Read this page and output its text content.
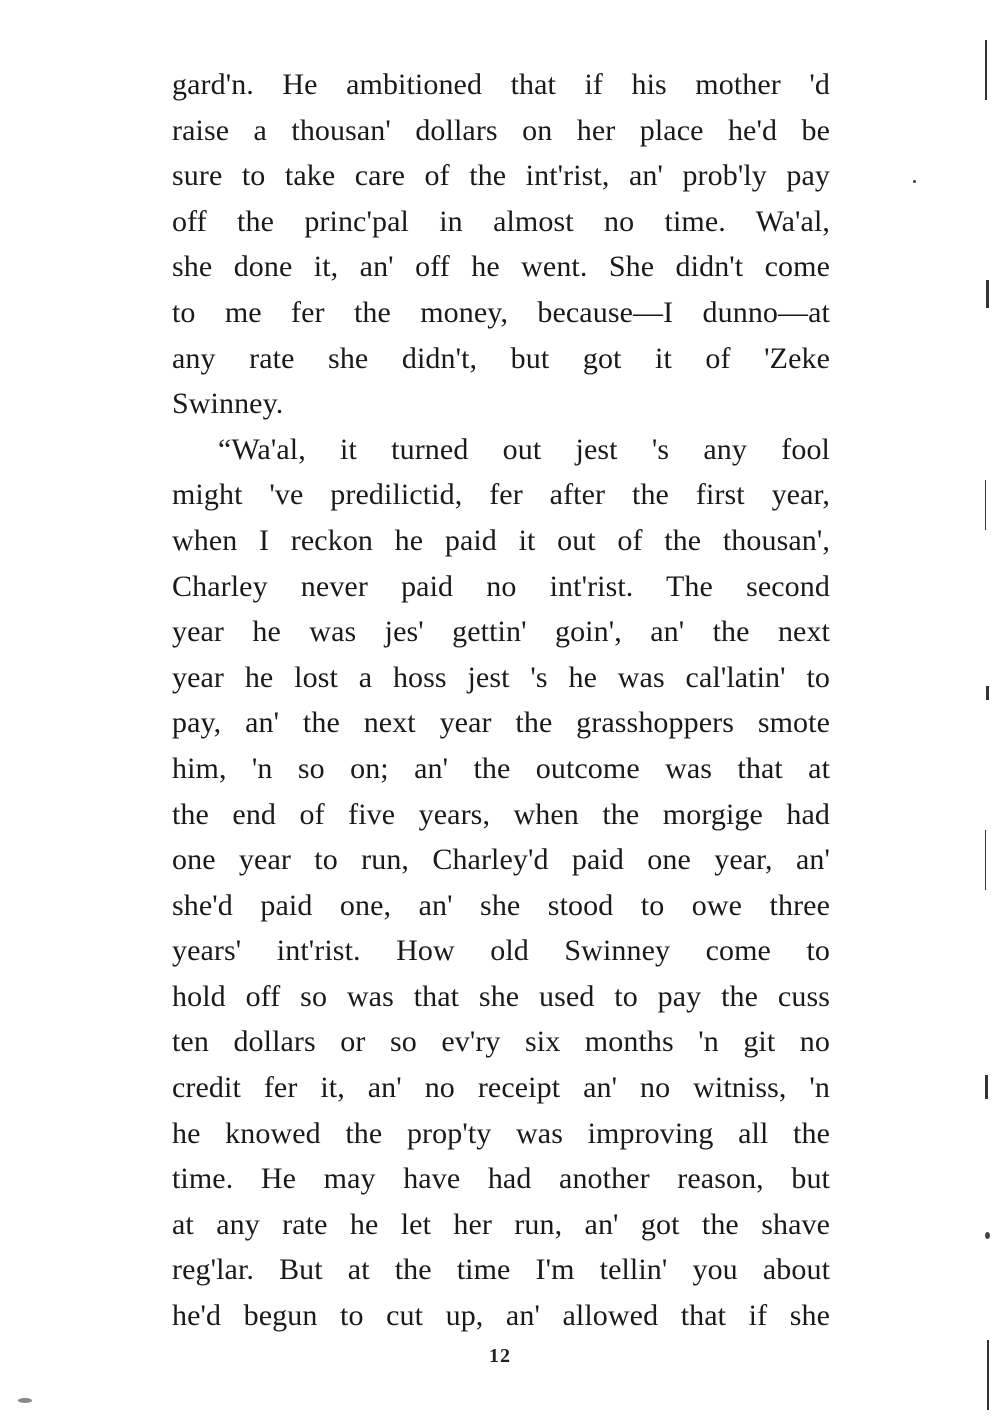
gard'n. He ambitioned that if his mother 'd
raise a thousan' dollars on her place he'd be
sure to take care of the int'rist, an' prob'ly pay
off the princ'pal in almost no time. Wa'al,
she done it, an' off he went. She didn't come
to me fer the money, because—I dunno—at
any rate she didn't, but got it of 'Zeke
Swinney.
“Wa'al, it turned out jest 's any fool
might 've predilictid, fer after the first year,
when I reckon he paid it out of the thousan',
Charley never paid no int'rist. The second
year he was jes' gettin' goin', an' the next
year he lost a hoss jest 's he was cal'latin' to
pay, an' the next year the grasshoppers smote
him, 'n so on; an' the outcome was that at
the end of five years, when the morgige had
one year to run, Charley'd paid one year, an'
she'd paid one, an' she stood to owe three
years' int'rist. How old Swinney come to
hold off so was that she used to pay the cuss
ten dollars or so ev'ry six months 'n git no
credit fer it, an' no receipt an' no witniss, 'n
he knowed the prop'ty was improving all the
time. He may have had another reason, but
at any rate he let her run, an' got the shave
reg'lar. But at the time I'm tellin' you about
he'd begun to cut up, an' allowed that if she
12
